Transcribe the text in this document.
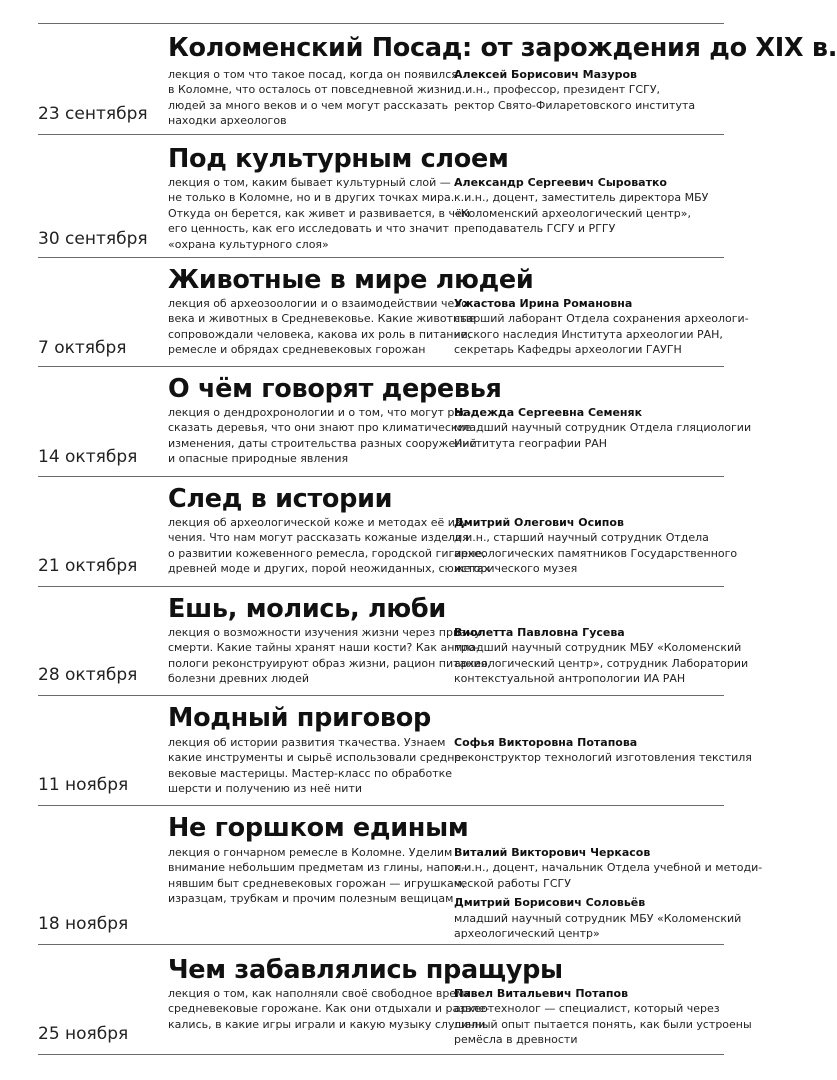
23 сентября
Коломенский Посад: от зарождения до XIX в.
лекция о том что такое посад, когда он появился
в Коломне, что осталось от повседневной жизни
людей за много веков и о чем могут рассказать
находки археологов
Алексей Борисович Мазуров
д.и.н., профессор, президент ГСГУ,
ректор Свято-Филаретовского института
30 сентября
Под культурным слоем
лекция о том, каким бывает культурный слой —
не только в Коломне, но и в других точках мира.
Откуда он берется, как живет и развивается, в чём
его ценность, как его исследовать и что значит
«охрана культурного слоя»
Александр Сергеевич Сыроватко
к.и.н., доцент, заместитель директора МБУ
«Коломенский археологический центр»,
преподаватель ГСГУ и РГГУ
7 октября
Животные в мире людей
лекция об археозоологии и о взаимодействии чело-
века и животных в Средневековье. Какие животные
сопровождали человека, какова их роль в питании,
ремесле и обрядах средневековых горожан
Ужастова Ирина Романовна
старший лаборант Отдела сохранения археологи-
ческого наследия Института археологии РАН,
секретарь Кафедры археологии ГАУГН
14 октября
О чём говорят деревья
лекция о дендрохронологии и о том, что могут рас-
сказать деревья, что они знают про климатические
изменения, даты строительства разных сооружений
и опасные природные явления
Надежда Сергеевна Семеняк
младший научный сотрудник Отдела гляциологии
Института географии РАН
21 октября
След в истории
лекция об археологической коже и методах её изу-
чения. Что нам могут рассказать кожаные изделия
о развитии кожевенного ремесла, городской гигиене,
древней моде и других, порой неожиданных, сюжетах
Дмитрий Олегович Осипов
д.и.н., старший научный сотрудник Отдела
археологических памятников Государственного
исторического музея
28 октября
Ешь, молись, люби
лекция о возможности изучения жизни через призму
смерти. Какие тайны хранят наши кости? Как антро-
пологи реконструируют образ жизни, рацион питания,
болезни древних людей
Виолетта Павловна Гусева
младший научный сотрудник МБУ «Коломенский
археологический центр», сотрудник Лаборатории
контекстуальной антропологии ИА РАН
11 ноября
Модный приговор
лекция об истории развития ткачества. Узнаем
какие инструменты и сырьё использовали средне-
вековые мастерицы. Мастер-класс по обработке
шерсти и получению из неё нити
Софья Викторовна Потапова
реконструктор технологий изготовления текстиля
18 ноября
Не горшком единым
лекция о гончарном ремесле в Коломне. Уделим
внимание небольшим предметам из глины, напол-
нявшим быт средневековых горожан — игрушкам,
изразцам, трубкам и прочим полезным вещицам
Виталий Викторович Черкасов
к.и.н., доцент, начальник Отдела учебной и методи-
ческой работы ГСГУ
Дмитрий Борисович Соловьёв
младший научный сотрудник МБУ «Коломенский
археологический центр»
25 ноября
Чем забавлялись пращуры
лекция о том, как наполняли своё свободное время
средневековые горожане. Как они отдыхали и развле-
кались, в какие игры играли и какую музыку слушали
Павел Витальевич Потапов
археотехнолог — специалист, который через
личный опыт пытается понять, как были устроены
ремёсла в древности
